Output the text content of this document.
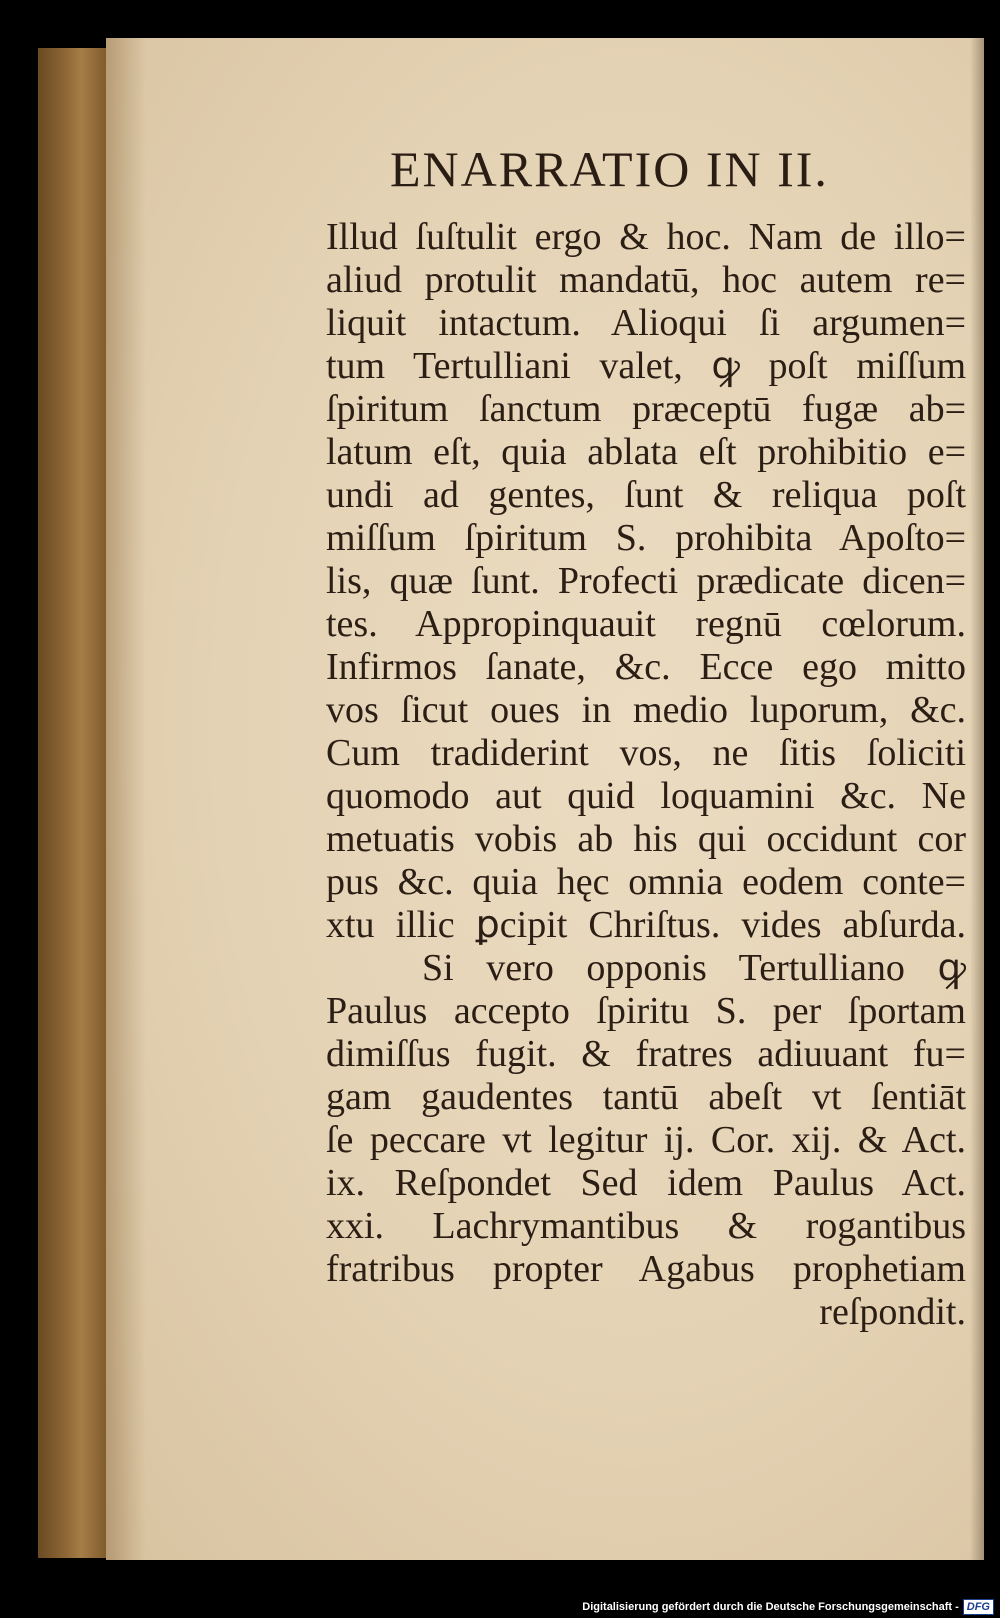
ENARRATIO IN II.
Illud ſuſtulit ergo & hoc. Nam de illo=
aliud protulit mandatū, hoc autem re=
liquit intactum. Alioqui ſi argumen=
tum Tertulliani valet, ꝙ poſt miſſum
ſpiritum ſanctum præceptū fugæ ab=
latum eſt, quia ablata eſt prohibitio e=
undi ad gentes, ſunt & reliqua poſt
miſſum ſpiritum S. prohibita Apoſto=
lis, quæ ſunt. Profecti prædicate dicen=
tes. Appropinquauit regnū cœlorum.
Infirmos ſanate, &c. Ecce ego mitto
vos ſicut oues in medio luporum, &c.
Cum tradiderint vos, ne ſitis ſoliciti
quomodo aut quid loquamini &c. Ne
metuatis vobis ab his qui occidunt cor
pus &c. quia hęc omnia eodem conte=
xtu illic ꝑcipit Chriſtus. vides abſurda.
Si vero opponis Tertulliano ꝙ
Paulus accepto ſpiritu S. per ſportam
dimiſſus fugit. & fratres adiuuant fu=
gam gaudentes tantū abeſt vt ſentiāt
ſe peccare vt legitur ij. Cor. xij. & Act.
ix. Reſpondet Sed idem Paulus Act.
xxi. Lachrymantibus & rogantibus
fratribus propter Agabus prophetiam
reſpondit.
Digitalisierung gefördert durch die Deutsche Forschungsgemeinschaft - DFG
